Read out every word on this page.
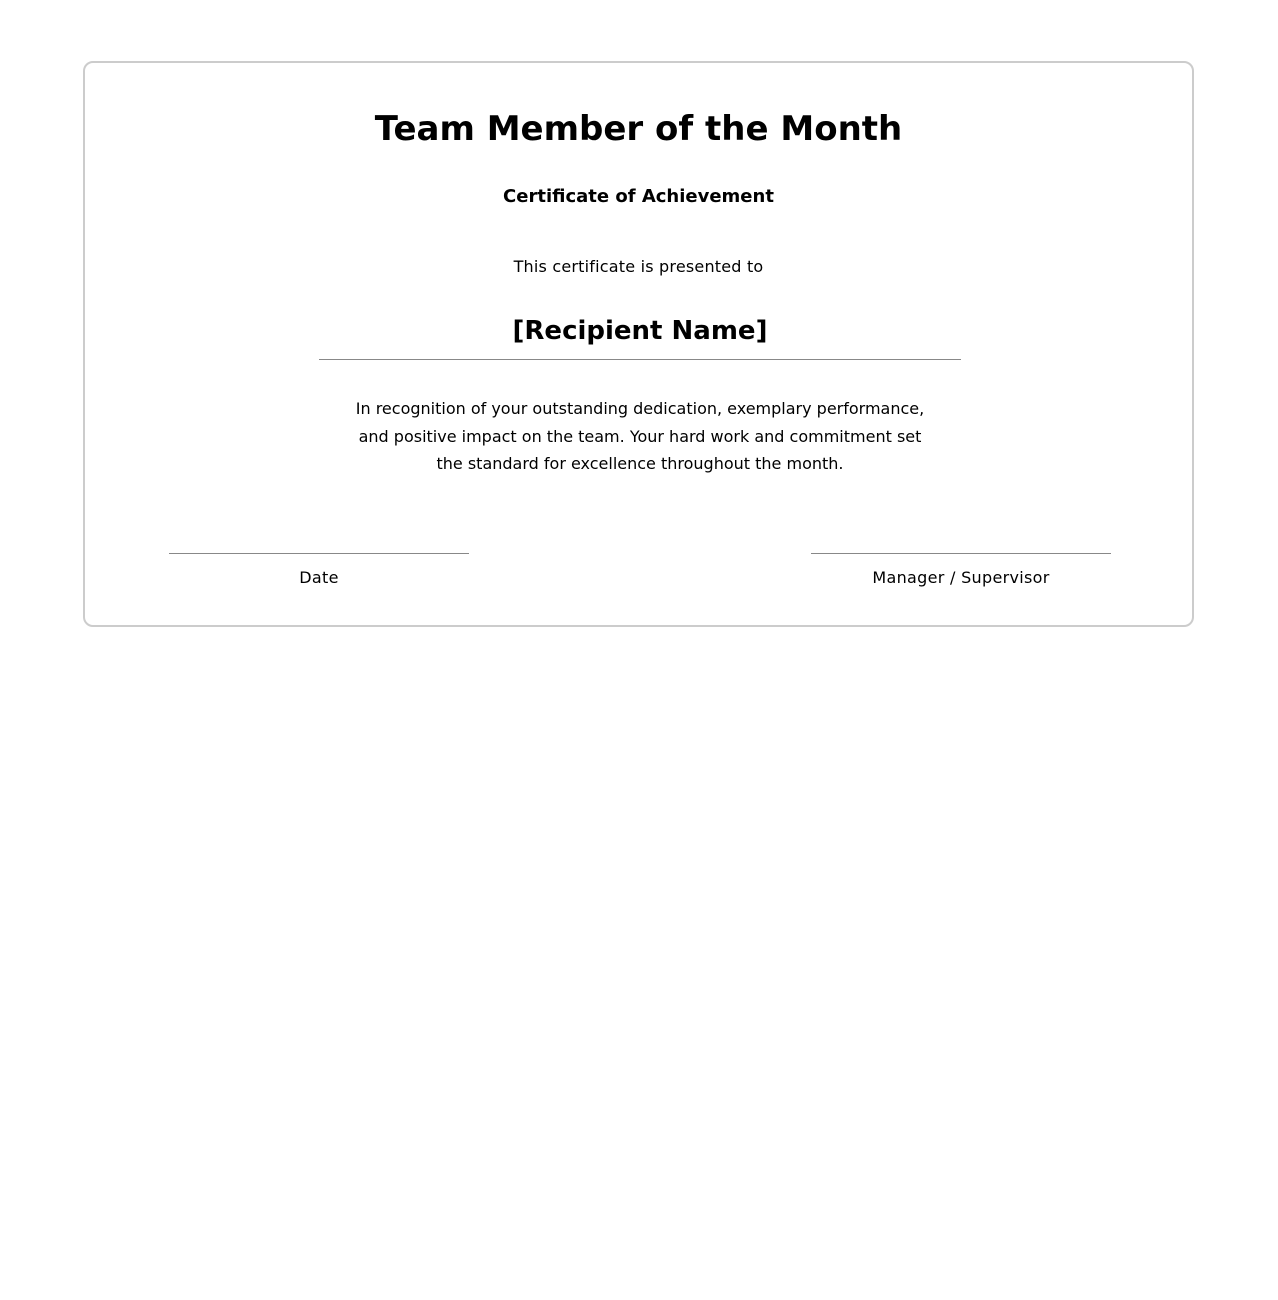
Team Member of the Month
Certificate of Achievement

This certificate is presented to

[Recipient Name]

In recognition of your outstanding dedication, exemplary performance, and positive impact on the team. Your hard work and commitment set the standard for excellence throughout the month.

Date	Manager / Supervisor
